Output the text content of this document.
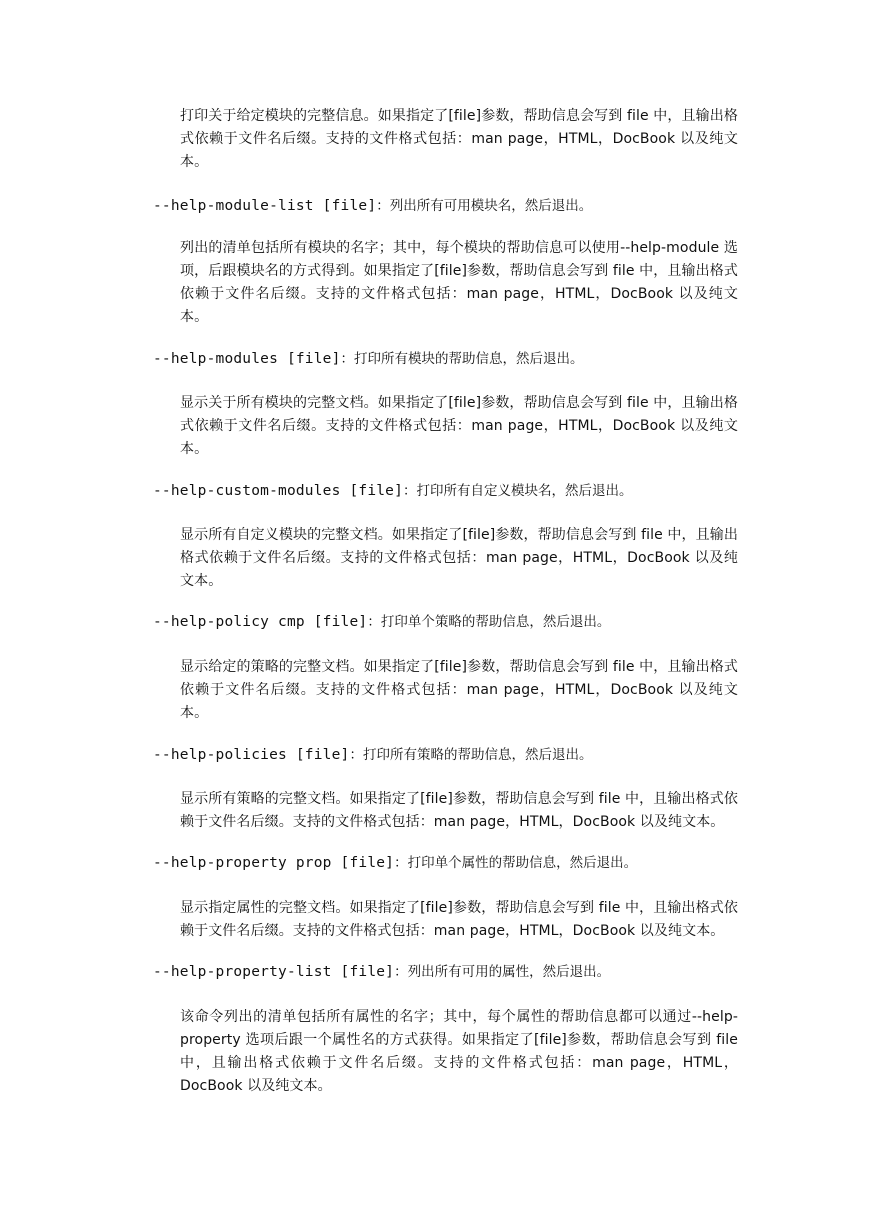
打印关于给定模块的完整信息。如果指定了[file]参数，帮助信息会写到 file 中，且输出格式依赖于文件名后缀。支持的文件格式包括：man page，HTML，DocBook 以及纯文本。

--help-module-list [file]：列出所有可用模块名，然后退出。

列出的清单包括所有模块的名字；其中，每个模块的帮助信息可以使用--help-module 选项，后跟模块名的方式得到。如果指定了[file]参数，帮助信息会写到 file 中，且输出格式依赖于文件名后缀。支持的文件格式包括：man page，HTML，DocBook 以及纯文本。

--help-modules [file]：打印所有模块的帮助信息，然后退出。

显示关于所有模块的完整文档。如果指定了[file]参数，帮助信息会写到 file 中，且输出格式依赖于文件名后缀。支持的文件格式包括：man page，HTML，DocBook 以及纯文本。

--help-custom-modules [file]：打印所有自定义模块名，然后退出。

显示所有自定义模块的完整文档。如果指定了[file]参数，帮助信息会写到 file 中，且输出格式依赖于文件名后缀。支持的文件格式包括：man page，HTML，DocBook 以及纯文本。

--help-policy cmp [file]：打印单个策略的帮助信息，然后退出。

显示给定的策略的完整文档。如果指定了[file]参数，帮助信息会写到 file 中，且输出格式依赖于文件名后缀。支持的文件格式包括：man page，HTML，DocBook 以及纯文本。

--help-policies [file]：打印所有策略的帮助信息，然后退出。

显示所有策略的完整文档。如果指定了[file]参数，帮助信息会写到 file 中，且输出格式依赖于文件名后缀。支持的文件格式包括：man page，HTML，DocBook 以及纯文本。

--help-property prop [file]：打印单个属性的帮助信息，然后退出。

显示指定属性的完整文档。如果指定了[file]参数，帮助信息会写到 file 中，且输出格式依赖于文件名后缀。支持的文件格式包括：man page，HTML，DocBook 以及纯文本。

--help-property-list [file]：列出所有可用的属性，然后退出。

该命令列出的清单包括所有属性的名字；其中，每个属性的帮助信息都可以通过--help-property 选项后跟一个属性名的方式获得。如果指定了[file]参数，帮助信息会写到 file 中，且输出格式依赖于文件名后缀。支持的文件格式包括：man page，HTML，DocBook 以及纯文本。
